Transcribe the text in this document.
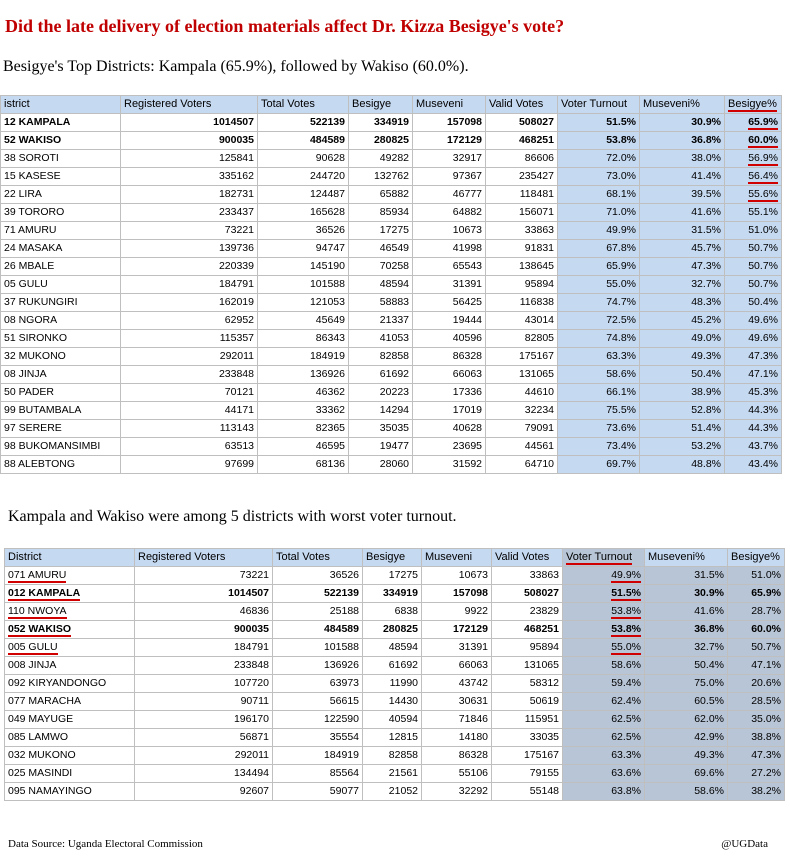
Did the late delivery of election materials affect Dr. Kizza Besigye's vote?
Besigye's Top Districts: Kampala (65.9%), followed by Wakiso (60.0%).
istrict	Registered Voters	Total Votes	Besigye	Museveni	Valid Votes	Voter Turnout	Museveni%	Besigye%
12 KAMPALA	1014507	522139	334919	157098	508027	51.5%	30.9%	65.9%
52 WAKISO	900035	484589	280825	172129	468251	53.8%	36.8%	60.0%
38 SOROTI	125841	90628	49282	32917	86606	72.0%	38.0%	56.9%
15 KASESE	335162	244720	132762	97367	235427	73.0%	41.4%	56.4%
22 LIRA	182731	124487	65882	46777	118481	68.1%	39.5%	55.6%
39 TORORO	233437	165628	85934	64882	156071	71.0%	41.6%	55.1%
71 AMURU	73221	36526	17275	10673	33863	49.9%	31.5%	51.0%
24 MASAKA	139736	94747	46549	41998	91831	67.8%	45.7%	50.7%
26 MBALE	220339	145190	70258	65543	138645	65.9%	47.3%	50.7%
05 GULU	184791	101588	48594	31391	95894	55.0%	32.7%	50.7%
37 RUKUNGIRI	162019	121053	58883	56425	116838	74.7%	48.3%	50.4%
08 NGORA	62952	45649	21337	19444	43014	72.5%	45.2%	49.6%
51 SIRONKO	115357	86343	41053	40596	82805	74.8%	49.0%	49.6%
32 MUKONO	292011	184919	82858	86328	175167	63.3%	49.3%	47.3%
08 JINJA	233848	136926	61692	66063	131065	58.6%	50.4%	47.1%
50 PADER	70121	46362	20223	17336	44610	66.1%	38.9%	45.3%
99 BUTAMBALA	44171	33362	14294	17019	32234	75.5%	52.8%	44.3%
97 SERERE	113143	82365	35035	40628	79091	73.6%	51.4%	44.3%
98 BUKOMANSIMBI	63513	46595	19477	23695	44561	73.4%	53.2%	43.7%
88 ALEBTONG	97699	68136	28060	31592	64710	69.7%	48.8%	43.4%
Kampala and Wakiso were among 5 districts with worst voter turnout.
District	Registered Voters	Total Votes	Besigye	Museveni	Valid Votes	Voter Turnout	Museveni%	Besigye%
071 AMURU	73221	36526	17275	10673	33863	49.9%	31.5%	51.0%
012 KAMPALA	1014507	522139	334919	157098	508027	51.5%	30.9%	65.9%
110 NWOYA	46836	25188	6838	9922	23829	53.8%	41.6%	28.7%
052 WAKISO	900035	484589	280825	172129	468251	53.8%	36.8%	60.0%
005 GULU	184791	101588	48594	31391	95894	55.0%	32.7%	50.7%
008 JINJA	233848	136926	61692	66063	131065	58.6%	50.4%	47.1%
092 KIRYANDONGO	107720	63973	11990	43742	58312	59.4%	75.0%	20.6%
077 MARACHA	90711	56615	14430	30631	50619	62.4%	60.5%	28.5%
049 MAYUGE	196170	122590	40594	71846	115951	62.5%	62.0%	35.0%
085 LAMWO	56871	35554	12815	14180	33035	62.5%	42.9%	38.8%
032 MUKONO	292011	184919	82858	86328	175167	63.3%	49.3%	47.3%
025 MASINDI	134494	85564	21561	55106	79155	63.6%	69.6%	27.2%
095 NAMAYINGO	92607	59077	21052	32292	55148	63.8%	58.6%	38.2%
Data Source: Uganda Electoral Commission	@UGData
